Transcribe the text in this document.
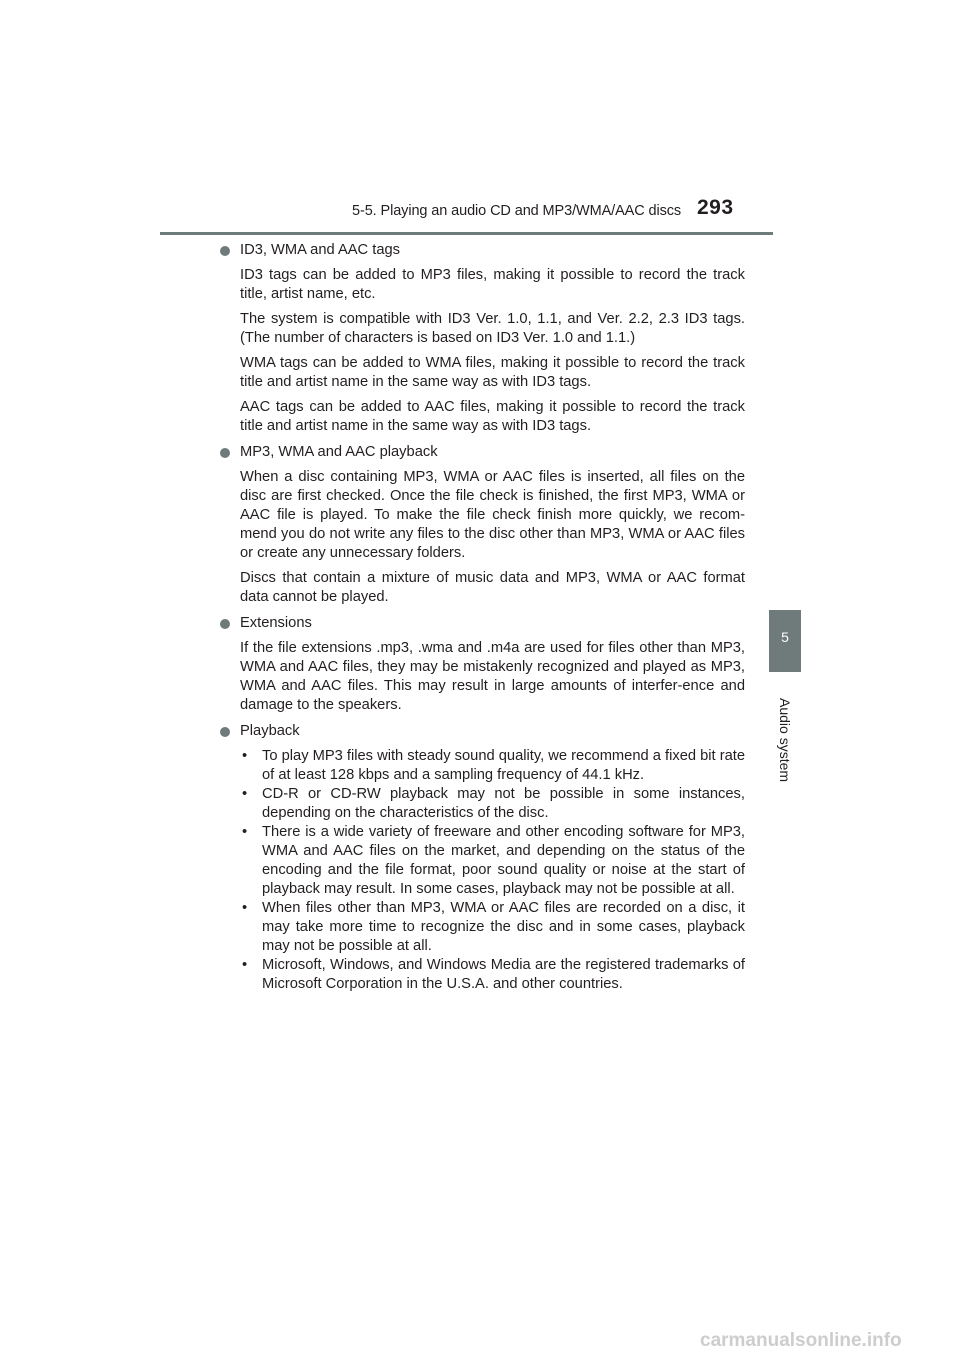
5-5. Playing an audio CD and MP3/WMA/AAC discs 293
5
Audio system
ID3, WMA and AAC tags

ID3 tags can be added to MP3 files, making it possible to record the track title, artist name, etc.

The system is compatible with ID3 Ver. 1.0, 1.1, and Ver. 2.2, 2.3 ID3 tags. (The number of characters is based on ID3 Ver. 1.0 and 1.1.)

WMA tags can be added to WMA files, making it possible to record the track title and artist name in the same way as with ID3 tags.

AAC tags can be added to AAC files, making it possible to record the track title and artist name in the same way as with ID3 tags.

MP3, WMA and AAC playback

When a disc containing MP3, WMA or AAC files is inserted, all files on the disc are first checked. Once the file check is finished, the first MP3, WMA or AAC file is played. To make the file check finish more quickly, we recom-mend you do not write any files to the disc other than MP3, WMA or AAC files or create any unnecessary folders.

Discs that contain a mixture of music data and MP3, WMA or AAC format data cannot be played.

Extensions

If the file extensions .mp3, .wma and .m4a are used for files other than MP3, WMA and AAC files, they may be mistakenly recognized and played as MP3, WMA and AAC files. This may result in large amounts of interfer-ence and damage to the speakers.

Playback
• To play MP3 files with steady sound quality, we recommend a fixed bit rate of at least 128 kbps and a sampling frequency of 44.1 kHz.
• CD-R or CD-RW playback may not be possible in some instances, depending on the characteristics of the disc.
• There is a wide variety of freeware and other encoding software for MP3, WMA and AAC files on the market, and depending on the status of the encoding and the file format, poor sound quality or noise at the start of playback may result. In some cases, playback may not be possible at all.
• When files other than MP3, WMA or AAC files are recorded on a disc, it may take more time to recognize the disc and in some cases, playback may not be possible at all.
• Microsoft, Windows, and Windows Media are the registered trademarks of Microsoft Corporation in the U.S.A. and other countries.
carmanualsonline.info
